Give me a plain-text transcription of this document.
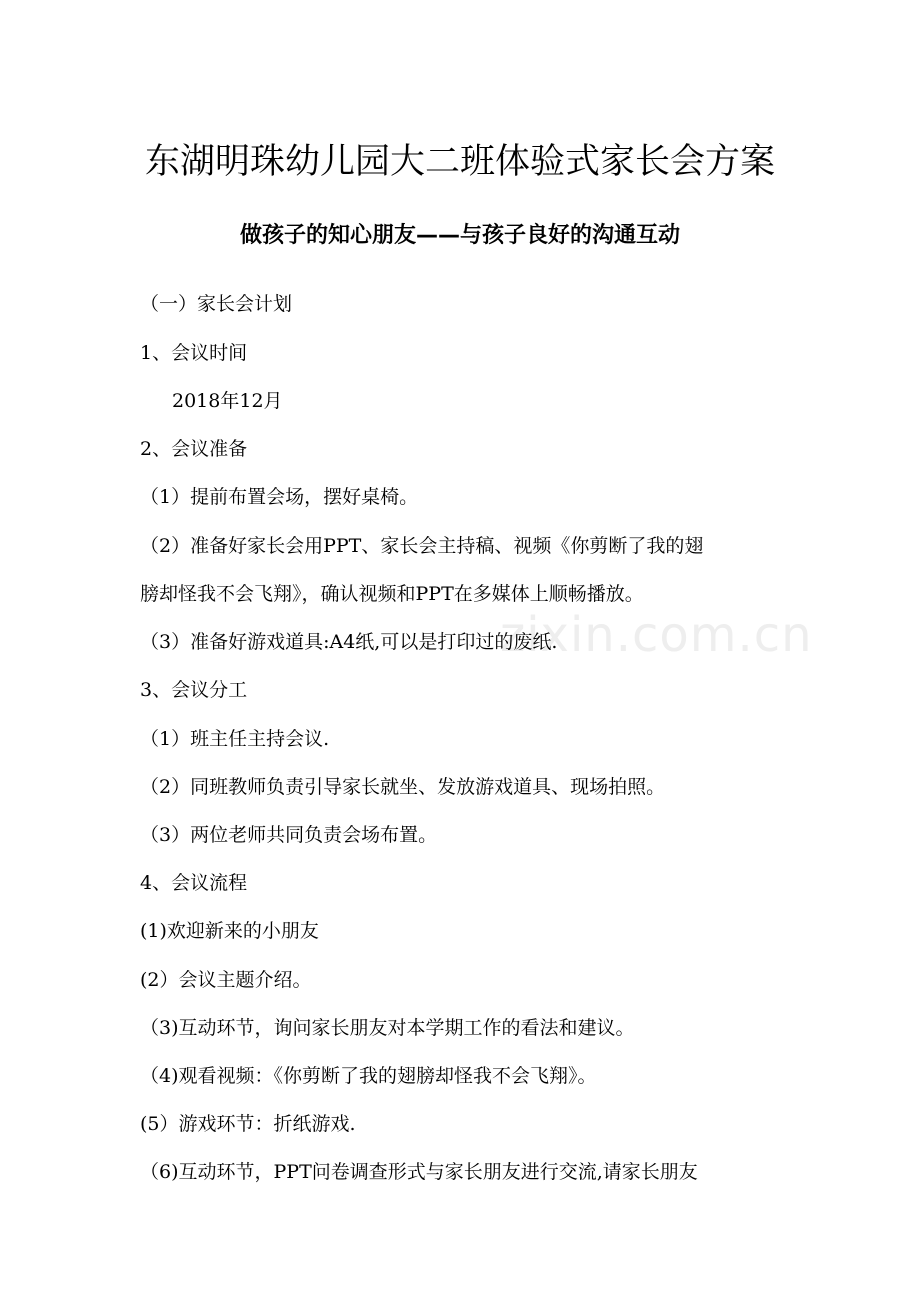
zixin.com.cn
东湖明珠幼儿园大二班体验式家长会方案
做孩子的知心朋友——与孩子良好的沟通互动

（一）家长会计划

1、会议时间

2018年12月

2、会议准备

（1）提前布置会场，摆好桌椅。

（2）准备好家长会用PPT、家长会主持稿、视频《你剪断了我的翅

膀却怪我不会飞翔》，确认视频和PPT在多媒体上顺畅播放。

（3）准备好游戏道具:A4纸,可以是打印过的废纸.

3、会议分工

（1）班主任主持会议.

（2）同班教师负责引导家长就坐、发放游戏道具、现场拍照。

（3）两位老师共同负责会场布置。

4、会议流程

(1)欢迎新来的小朋友

(2）会议主题介绍。

（3)互动环节，询问家长朋友对本学期工作的看法和建议。

（4)观看视频：《你剪断了我的翅膀却怪我不会飞翔》。

(5）游戏环节：折纸游戏.

（6)互动环节，PPT问卷调查形式与家长朋友进行交流,请家长朋友
